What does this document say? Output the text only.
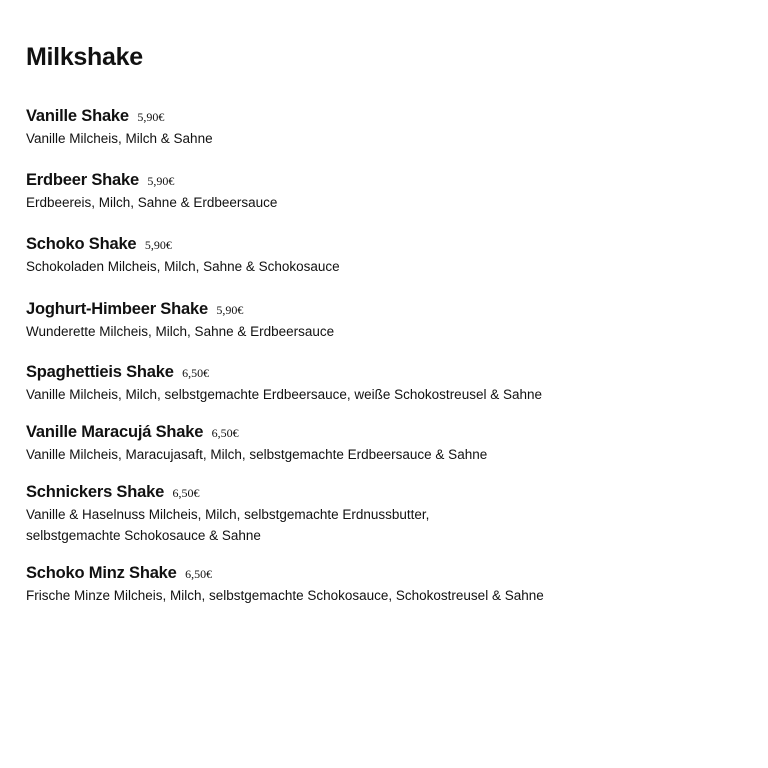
Milkshake
Vanille Shake 5,90€
Vanille Milcheis, Milch & Sahne
Erdbeer Shake 5,90€
Erdbeereis, Milch, Sahne & Erdbeersauce
Schoko Shake 5,90€
Schokoladen Milcheis, Milch, Sahne & Schokosauce
Joghurt-Himbeer Shake 5,90€
Wunderette Milcheis, Milch, Sahne & Erdbeersauce
Spaghettieis Shake 6,50€
Vanille Milcheis, Milch, selbstgemachte Erdbeersauce, weiße Schokostreusel & Sahne
Vanille Maracujá Shake 6,50€
Vanille Milcheis, Maracujasaft, Milch, selbstgemachte Erdbeersauce & Sahne
Schnickers Shake 6,50€
Vanille & Haselnuss Milcheis, Milch, selbstgemachte Erdnussbutter,
selbstgemachte Schokosauce & Sahne
Schoko Minz Shake 6,50€
Frische Minze Milcheis, Milch, selbstgemachte Schokosauce, Schokostreusel & Sahne
